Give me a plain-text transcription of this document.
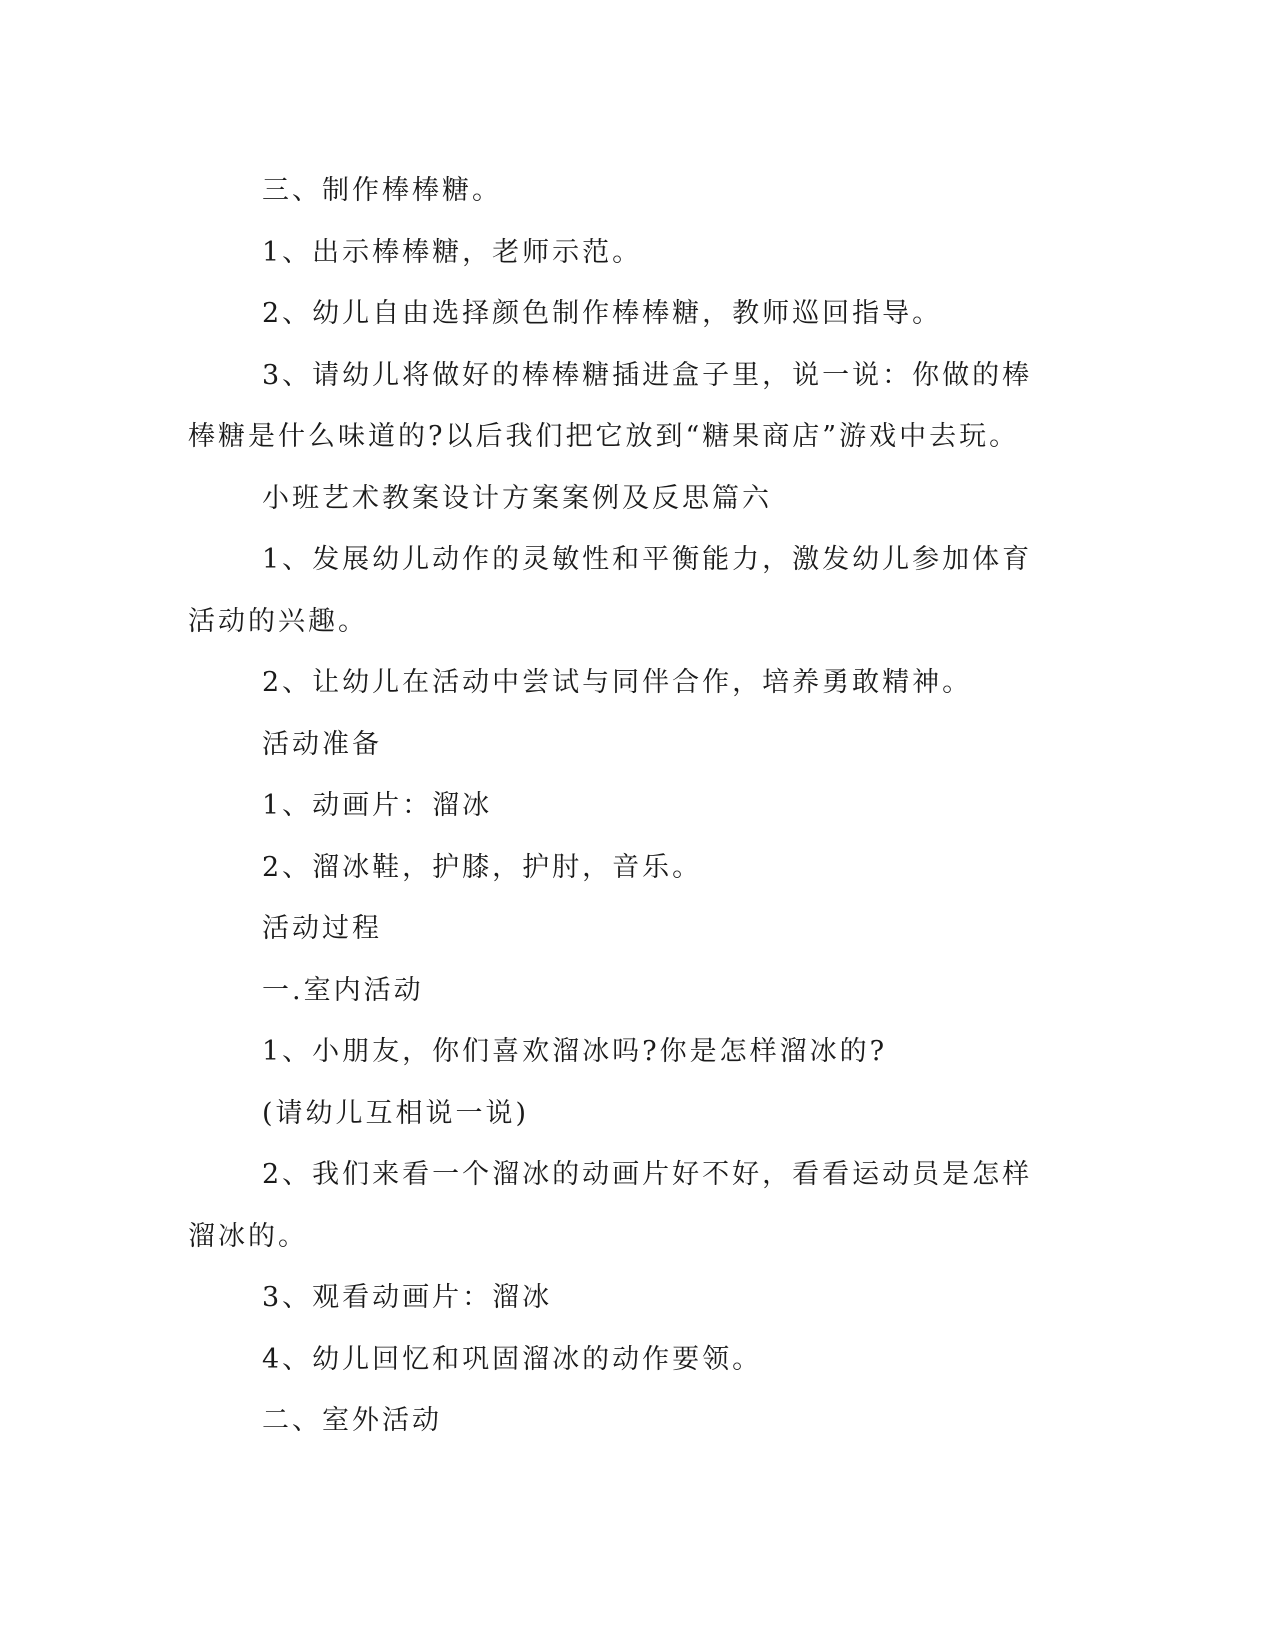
三、制作棒棒糖。

1、出示棒棒糖，老师示范。

2、幼儿自由选择颜色制作棒棒糖，教师巡回指导。

3、请幼儿将做好的棒棒糖插进盒子里，说一说：你做的棒棒糖是什么味道的?以后我们把它放到“糖果商店”游戏中去玩。

小班艺术教案设计方案案例及反思篇六

1、发展幼儿动作的灵敏性和平衡能力，激发幼儿参加体育活动的兴趣。

2、让幼儿在活动中尝试与同伴合作，培养勇敢精神。

活动准备

1、动画片：溜冰

2、溜冰鞋，护膝，护肘，音乐。

活动过程

一.室内活动

1、小朋友，你们喜欢溜冰吗?你是怎样溜冰的?

(请幼儿互相说一说)

2、我们来看一个溜冰的动画片好不好，看看运动员是怎样溜冰的。

3、观看动画片：溜冰

4、幼儿回忆和巩固溜冰的动作要领。

二、室外活动
